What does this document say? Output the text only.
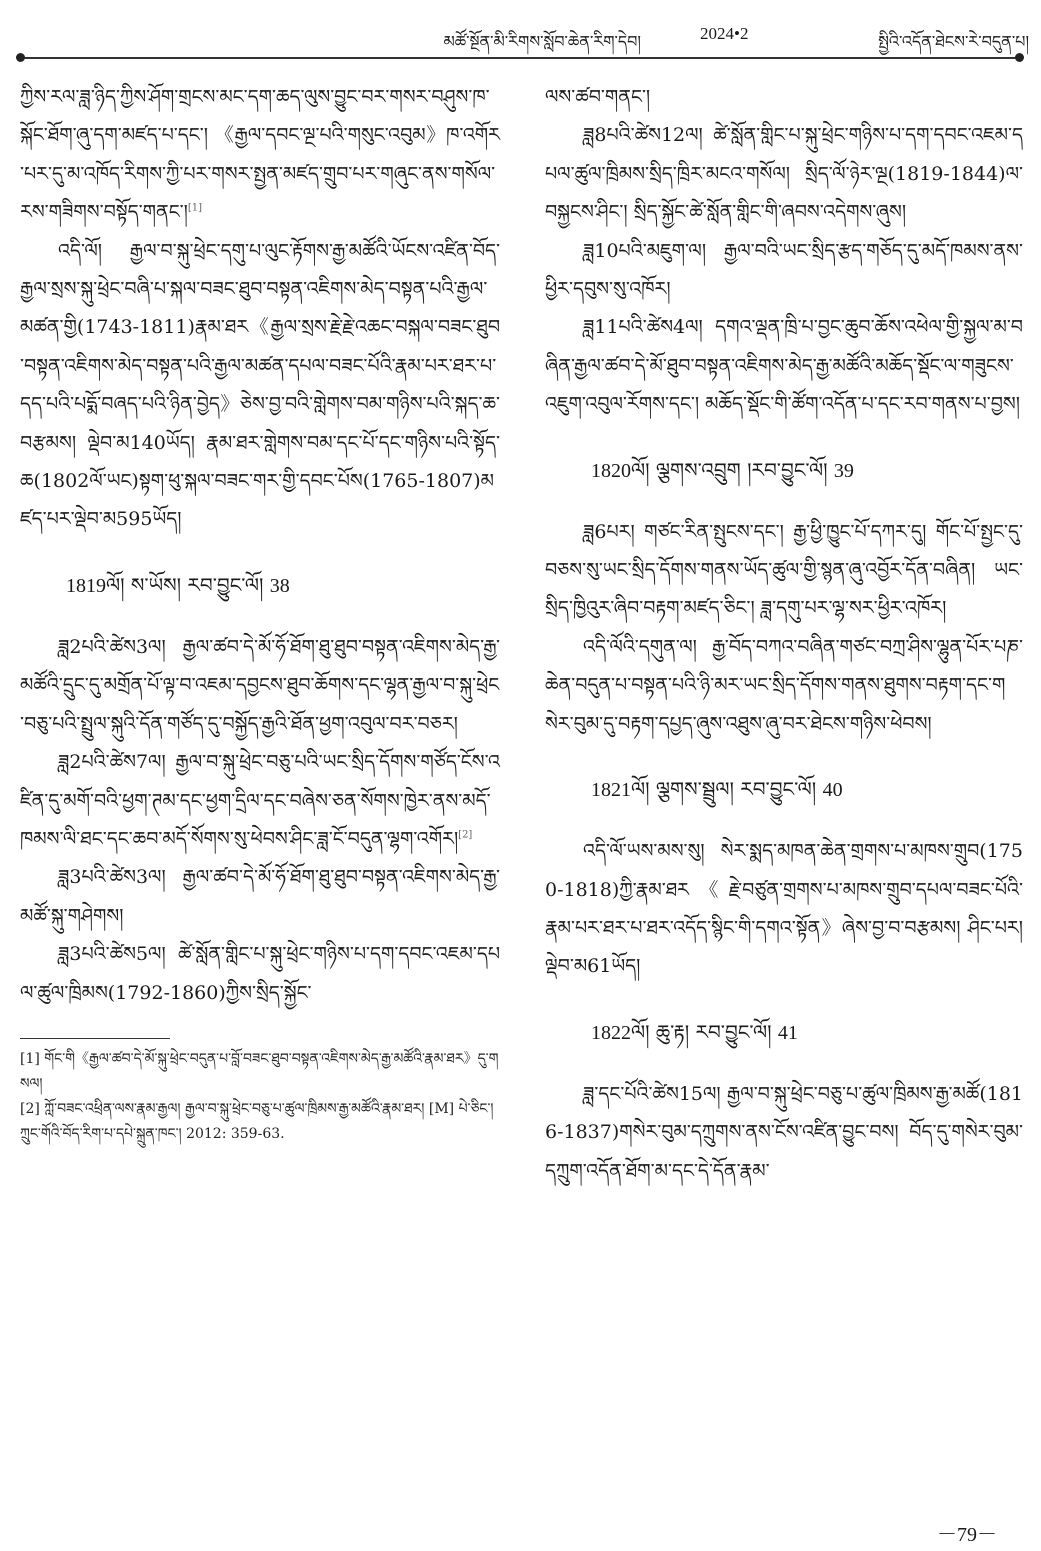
མཚོ་སྔོན་མི་རིགས་སློབ་ཆེན་རིག་དེབ།	2024•2	སྤྱིའི་འདོན་ཐེངས་རེ་བདུན་པ།

ཀྱིས་རལ་ཟླ་ཉིད་ཀྱིས་ཤོག་གྲངས་མང་དག་ཆད་ལུས་བྱུང་བར་གསར་བཤུས་ཁ་སྐོང་ཐོག་ཞུ་དག་མཛད་པ་དང་། 《རྒྱལ་དབང་ལྔ་པའི་གསུང་འབུམ》ཁ་འགོར་པར་དུ་མ་འཁོད་རིགས་ཀྱི་པར་གསར་སྤྱན་མཛད་གྲུབ་པར་གཞུང་ནས་གསོལ་རས་གཟིགས་བསྟོད་གནང་།[1]

འདི་ལོ། རྒྱལ་བ་སྐུ་ཕྲེང་དགུ་པ་ལུང་རྟོགས་རྒྱ་མཚོའི་ཡོངས་འཛིན་བོད་རྒྱལ་སྲས་སྐུ་ཕྲེང་བཞི་པ་སྐལ་བཟང་ཐུབ་བསྟན་འཇིགས་མེད་བསྟན་པའི་རྒྱལ་མཚན་གྱི(1743-1811)རྣམ་ཐར《རྒྱལ་སྲས་རྗེ་རྗེ་འཆང་བསྐལ་བཟང་ཐུབ་བསྟན་འཇིགས་མེད་བསྟན་པའི་རྒྱལ་མཚན་དཔལ་བཟང་པོའི་རྣམ་པར་ཐར་པ་དད་པའི་པདྨོ་བཞད་པའི་ཉིན་བྱེད》ཅེས་བྱ་བའི་གླེགས་བམ་གཉིས་པའི་སྐད་ཆ་བརྩམས། ལྡེབ་མ140ཡོད། རྣམ་ཐར་གླེགས་བམ་དང་པོ་དང་གཉིས་པའི་སྟོད་ཆ(1802ལོ་ཡང)སྟག་ཕུ་སྐལ་བཟང་གར་གྱི་དབང་པོས(1765-1807)མཛད་པར་ལྡེབ་མ595ཡོད།

1819ལོ། ས་ཡོས། རབ་བྱུང་ལོ། 38

ཟླ2པའི་ཚེས3ལ། རྒྱལ་ཚབ་དེ་མོ་ཧོ་ཐོག་ཐུ་ཐུབ་བསྟན་འཇིགས་མེད་རྒྱ་མཚོའི་དྲུང་དུ་མགྲོན་པོ་ལྟ་བ་འཇམ་དབྱངས་ཐུབ་ཆོགས་དང་ལྷན་རྒྱལ་བ་སྐུ་ཕྲེང་བཅུ་པའི་སྤྲུལ་སྐུའི་དོན་གཙོད་དུ་བསྐྱོད་རྒྱའི་ཐོན་ཕྱག་འབུལ་བར་བཅར།

ཟླ2པའི་ཚེས7ལ། རྒྱལ་བ་སྐུ་ཕྲེང་བཅུ་པའི་ཡང་སྲིད་དོགས་གཙོད་ངོས་འཛིན་དུ་མགོ་བའི་ཕྱག་ཊམ་དང་ཕྱག་དྲིལ་དང་བཞེས་ཅན་སོགས་ཁྱེར་ནས་མདོ་ཁམས་ལི་ཐང་དང་ཆབ་མདོ་སོགས་སུ་ཕེབས་ཤིང་ཟླ་ངོ་བདུན་ལྷག་འགོར།[2]

ཟླ3པའི་ཚེས3ལ། རྒྱལ་ཚབ་དེ་མོ་ཧོ་ཐོག་ཐུ་ཐུབ་བསྟན་འཇིགས་མེད་རྒྱ་མཚོ་སྐུ་གཤེགས།

ཟླ3པའི་ཚེས5ལ། ཚེ་སློན་གླིང་པ་སྐུ་ཕྲེང་གཉིས་པ་དག་དབང་འཇམ་དཔལ་ཚུལ་ཁྲིམས(1792-1860)ཀྱིས་སྲིད་སྐྱོང་

[1] གོང་གི《རྒྱལ་ཚབ་དེ་མོ་སྐུ་ཕྲེང་བདུན་པ་བློ་བཟང་ཐུབ་བསྟན་འཇིགས་མེད་རྒྱ་མཚོའི་རྣམ་ཐར》དུ་གསལ།

[2] ཀློ་བཟང་འཕྲིན་ལས་རྣམ་རྒྱལ། རྒྱལ་བ་སྐུ་ཕྲེང་བཅུ་པ་ཚུལ་ཁྲིམས་རྒྱ་མཚོའི་རྣམ་ཐར། [M] པེ་ཅིང་། ཀྲུང་གོའི་བོད་རིག་པ་དཔེ་སྐྲུན་ཁང་། 2012: 359-63.

ལས་ཚབ་གནང་།

ཟླ8པའི་ཚེས12ལ། ཚེ་སློན་གླིང་པ་སྐུ་ཕྲེང་གཉིས་པ་དག་དབང་འཇམ་དཔལ་ཚུལ་ཁྲིམས་སྲིད་ཁྲིར་མངའ་གསོལ། སྲིད་ལོ་ཉེར་ལྔ(1819-1844)ལ་བསྐྱངས་ཤིང་། སྲིད་སྐྱོང་ཚེ་སློན་གླིང་གི་ཞབས་འདེགས་ཞུས།

ཟླ10པའི་མཇུག་ལ། རྒྱལ་བའི་ཡང་སྲིད་རྩད་གཅོད་དུ་མདོ་ཁམས་ནས་ཕྱིར་དབུས་སུ་འཁོར།

ཟླ11པའི་ཚེས4ལ། དགའ་ལྡན་ཁྲི་པ་བྱང་ཆུབ་ཆོས་འཕེལ་གྱི་སྐྱལ་མ་བཞིན་རྒྱལ་ཚབ་དེ་མོ་ཐུབ་བསྟན་འཇིགས་མེད་རྒྱ་མཚོའི་མཆོད་སྡོང་ལ་གཟུངས་འཇུག་འབུལ་རོགས་དང་། མཆོད་སྡོང་གི་ཚོག་འདོན་པ་དང་རབ་གནས་པ་བྱས།

1820ལོ། ལྕགས་འབྲུག །རབ་བྱུང་ལོ། 39

ཟླ6པར། གཙང་རིན་སྤུངས་དང་། རྒྱ་ཕྱི་ཁྱུང་པོ་དཀར་དུ། གོང་པོ་སྤྱང་དུ་བཅས་སུ་ཡང་སྲིད་དོགས་གནས་ཡོད་ཚུལ་གྱི་སྙན་ཞུ་འབྱོར་དོན་བཞིན། ཡང་སྲིད་ཁྱིའུར་ཞིབ་བརྟག་མཛད་ཅིང་། ཟླ་དགུ་པར་ལྷ་སར་ཕྱིར་འཁོར།

འདི་ལོའི་དགུན་ལ། རྒྱ་བོད་བཀའ་བཞིན་གཙང་བཀྲ་ཤིས་ལྷུན་པོར་པཎ་ཆེན་བདུན་པ་བསྟན་པའི་ཉི་མར་ཡང་སྲིད་དོགས་གནས་ཐུགས་བརྟག་དང་གསེར་བུམ་དུ་བརྟག་དཔྱད་ཞུས་འཐུས་ཞུ་བར་ཐེངས་གཉིས་ཕེབས།

1821ལོ། ལྕགས་སྦྲུལ། རབ་བྱུང་ལོ། 40

འདི་ལོ་ཡས་མས་སུ། སེར་སྨད་མཁན་ཆེན་གྲགས་པ་མཁས་གྲུབ(1750-1818)ཀྱི་རྣམ་ཐར《རྗེ་བཙུན་གྲགས་པ་མཁས་གྲུབ་དཔལ་བཟང་པོའི་རྣམ་པར་ཐར་པ་ཐར་འདོད་སྙིང་གི་དགའ་སྟོན》ཞེས་བྱ་བ་བརྩམས། ཤིང་པར། ལྡེབ་མ61ཡོད།

1822ལོ། ཆུ་རྟ། རབ་བྱུང་ལོ། 41

ཟླ་དང་པོའི་ཚེས15ལ། རྒྱལ་བ་སྐུ་ཕྲེང་བཅུ་པ་ཚུལ་ཁྲིམས་རྒྱ་མཚོ(1816-1837)གསེར་བུམ་དཀྲུགས་ནས་ངོས་འཛིན་བྱུང་བས། བོད་དུ་གསེར་བུམ་དཀྲུག་འདོན་ཐོག་མ་དང་དེ་དོན་རྣམ་

－79－
